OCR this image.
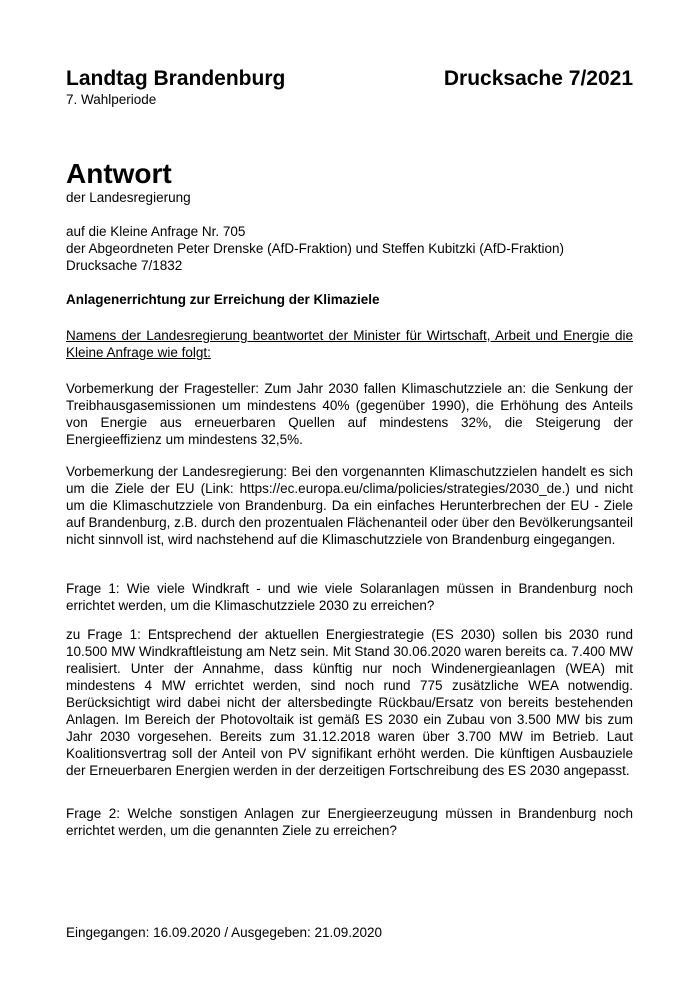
Landtag Brandenburg	Drucksache 7/2021
7. Wahlperiode
Antwort
der Landesregierung
auf die Kleine Anfrage Nr. 705
der Abgeordneten Peter Drenske (AfD-Fraktion) und Steffen Kubitzki (AfD-Fraktion)
Drucksache 7/1832
Anlagenerrichtung zur Erreichung der Klimaziele
Namens der Landesregierung beantwortet der Minister für Wirtschaft, Arbeit und Energie die Kleine Anfrage wie folgt:
Vorbemerkung der Fragesteller: Zum Jahr 2030 fallen Klimaschutzziele an: die Senkung der Treibhausgasemissionen um mindestens 40% (gegenüber 1990), die Erhöhung des Anteils von Energie aus erneuerbaren Quellen auf mindestens 32%, die Steigerung der Energieeffizienz um mindestens 32,5%.
Vorbemerkung der Landesregierung: Bei den vorgenannten Klimaschutzzielen handelt es sich um die Ziele der EU (Link: https://ec.europa.eu/clima/policies/strategies/2030_de.) und nicht um die Klimaschutzziele von Brandenburg. Da ein einfaches Herunterbrechen der EU - Ziele auf Brandenburg, z.B. durch den prozentualen Flächenanteil oder über den Bevölkerungsanteil nicht sinnvoll ist, wird nachstehend auf die Klimaschutzziele von Brandenburg eingegangen.
Frage 1: Wie viele Windkraft - und wie viele Solaranlagen müssen in Brandenburg noch errichtet werden, um die Klimaschutzziele 2030 zu erreichen?
zu Frage 1: Entsprechend der aktuellen Energiestrategie (ES 2030) sollen bis 2030 rund 10.500 MW Windkraftleistung am Netz sein. Mit Stand 30.06.2020 waren bereits ca. 7.400 MW realisiert. Unter der Annahme, dass künftig nur noch Windenergieanlagen (WEA) mit mindestens 4 MW errichtet werden, sind noch rund 775 zusätzliche WEA notwendig. Berücksichtigt wird dabei nicht der altersbedingte Rückbau/Ersatz von bereits bestehenden Anlagen. Im Bereich der Photovoltaik ist gemäß ES 2030 ein Zubau von 3.500 MW bis zum Jahr 2030 vorgesehen. Bereits zum 31.12.2018 waren über 3.700 MW im Betrieb. Laut Koalitionsvertrag soll der Anteil von PV signifikant erhöht werden. Die künftigen Ausbauziele der Erneuerbaren Energien werden in der derzeitigen Fortschreibung des ES 2030 angepasst.
Frage 2: Welche sonstigen Anlagen zur Energieerzeugung müssen in Brandenburg noch errichtet werden, um die genannten Ziele zu erreichen?
Eingegangen: 16.09.2020 / Ausgegeben: 21.09.2020
